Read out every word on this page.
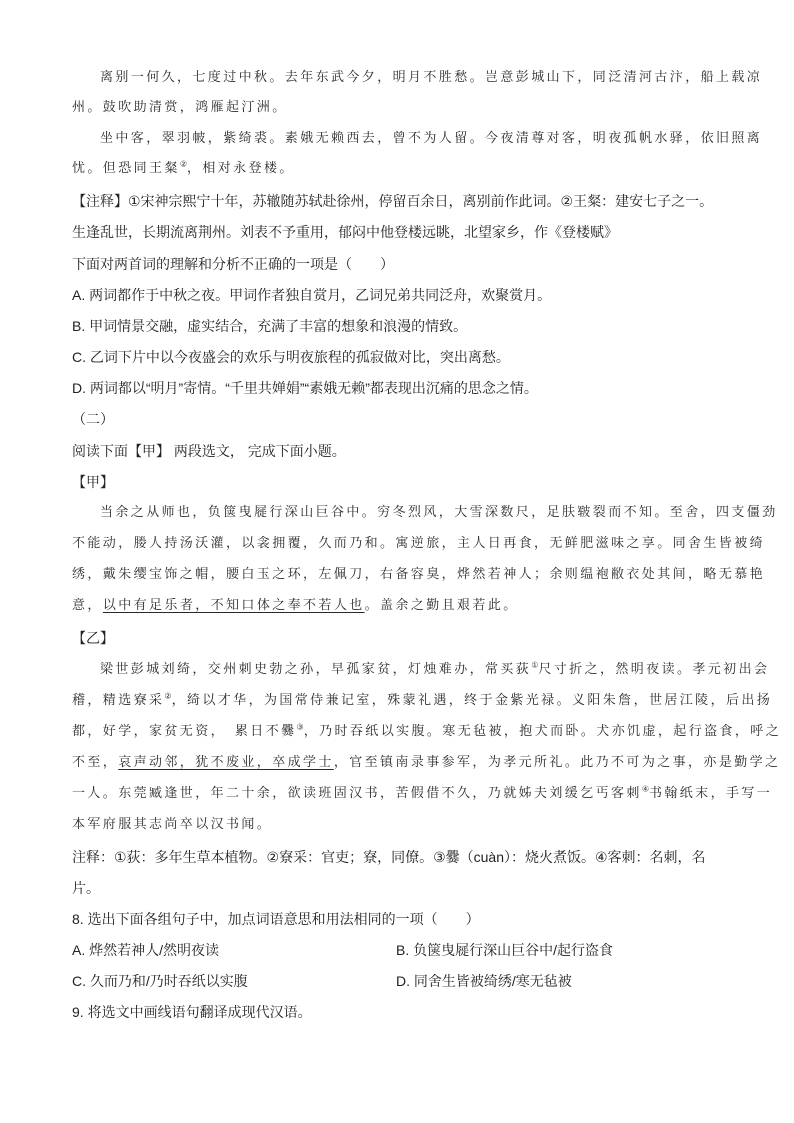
离别一何久，七度过中秋。去年东武今夕，明月不胜愁。岂意彭城山下，同泛清河古汴，船上载凉
州。鼓吹助清赏，鸿雁起汀洲。
坐中客，翠羽帔，紫绮裘。素娥无赖西去，曾不为人留。今夜清尊对客，明夜孤帆水驿，依旧照离
忧。但恐同王粲②，相对永登楼。
【注释】①宋神宗熙宁十年，苏辙随苏轼赴徐州，停留百余日，离别前作此词。②王粲：建安七子之一。
生逢乱世，长期流离荆州。刘表不予重用，郁闷中他登楼远眺，北望家乡，作《登楼赋》
下面对两首词的理解和分析不正确的一项是（　　）
A. 两词都作于中秋之夜。甲词作者独自赏月，乙词兄弟共同泛舟，欢聚赏月。
B. 甲词情景交融，虚实结合，充满了丰富的想象和浪漫的情致。
C. 乙词下片中以今夜盛会的欢乐与明夜旅程的孤寂做对比，突出离愁。
D. 两词都以“明月”寄情。“千里共婵娟”“素娥无赖”都表现出沉痛的思念之情。
（二）
阅读下面【甲】 两段选文， 完成下面小题。
【甲】
当余之从师也，负箧曳屣行深山巨谷中。穷冬烈风，大雪深数尺，足肤皲裂而不知。至舍，四支僵劲
不能动，媵人持汤沃灌，以衾拥覆，久而乃和。寓逆旅，主人日再食，无鲜肥滋味之享。同舍生皆被绮
绣，戴朱缨宝饰之帽，腰白玉之环，左佩刀，右备容臭，烨然若神人；余则缊袍敝衣处其间，略无慕艳
意，以中有足乐者，不知口体之奉不若人也。盖余之勤且艰若此。
【乙】
梁世彭城刘绮，交州刺史勃之孙，早孤家贫，灯烛难办，常买荻①尺寸折之，然明夜读。孝元初出会
稽，精选寮采②，绮以才华，为国常侍兼记室，殊蒙礼遇，终于金紫光禄。义阳朱詹，世居江陵，后出扬
都，好学，家贫无资，　累日不爨③，乃时吞纸以实腹。寒无毡被，抱犬而卧。犬亦饥虚，起行盗食，呼之
不至，哀声动邻，犹不废业，卒成学士，官至镇南录事参军，为孝元所礼。此乃不可为之事，亦是勤学之
一人。东莞臧逢世，年二十余，欲读班固汉书，苦假借不久，乃就姊夫刘缓乞丐客刺④书翰纸末，手写一
本军府服其志尚卒以汉书闻。
注释：①荻：多年生草本植物。②寮采：官吏；寮，同僚。③爨（cuàn）：烧火煮饭。④客刺：名刺，名
片。
8. 选出下面各组句子中，加点词语意思和用法相同的一项（　　）
A. 烨然若神人/然明夜读	B. 负箧曳屣行深山巨谷中/起行盗食
C. 久而乃和/乃时吞纸以实腹	D. 同舍生皆被绮绣/寒无毡被
9. 将选文中画线语句翻译成现代汉语。
